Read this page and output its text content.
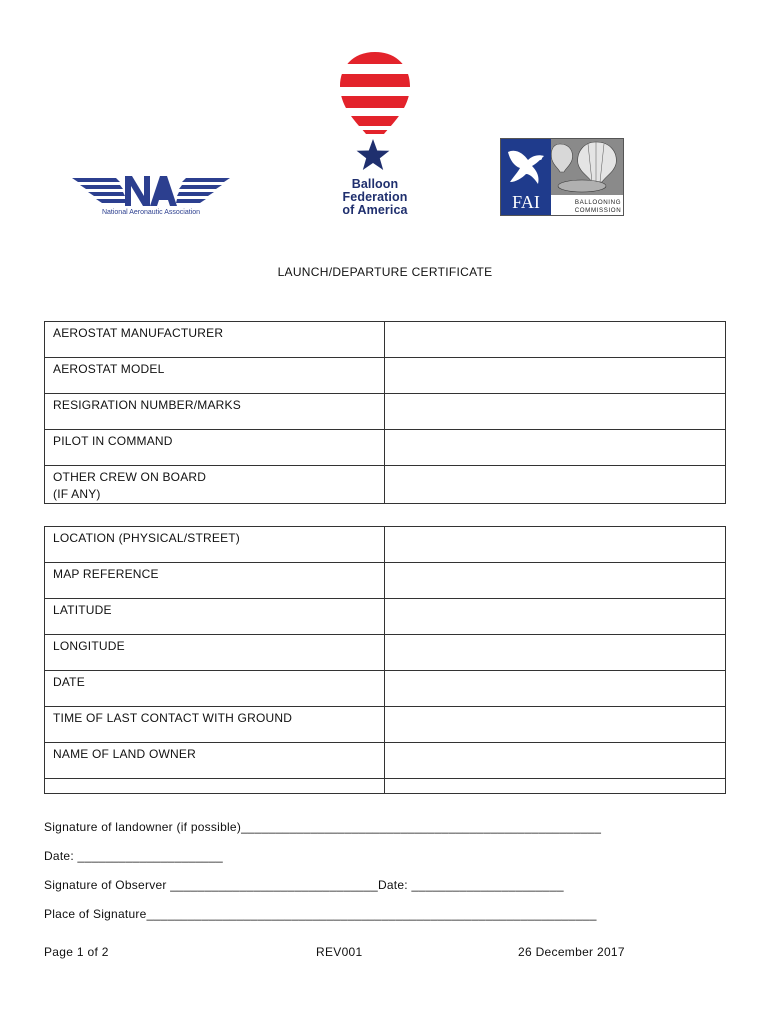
National Aeronautic Association
Balloon
Federation
of America	FAI	BALLOONING
COMMISSION
LAUNCH/DEPARTURE CERTIFICATE
AEROSTAT MANUFACTURER	
AEROSTAT MODEL	
RESIGRATION NUMBER/MARKS	
PILOT IN COMMAND	
OTHER CREW ON BOARD
(IF ANY)	
LOCATION (PHYSICAL/STREET)	
MAP REFERENCE	
LATITUDE	
LONGITUDE	
DATE	
TIME OF LAST CONTACT WITH GROUND	
NAME OF LAND OWNER	

Signature of landowner (if possible)____________________________________________________
Date: _____________________
Signature of Observer ______________________________Date: ______________________
Place of Signature_________________________________________________________________
Page 1 of 2	REV001	26 December 2017
